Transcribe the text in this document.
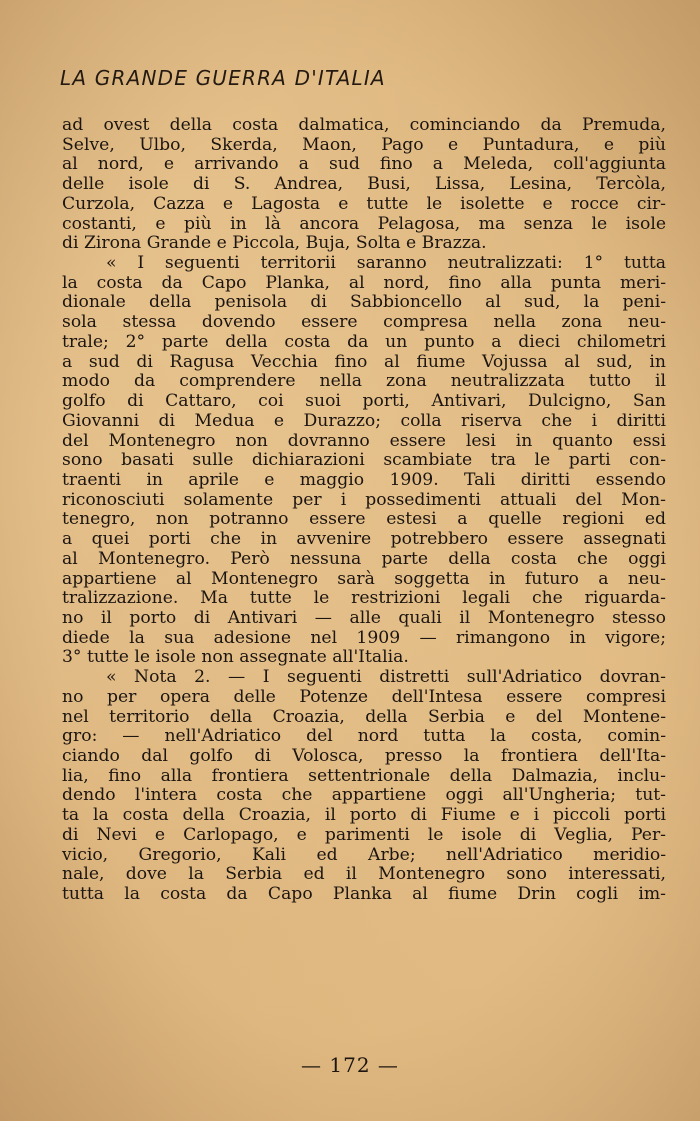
LA GRANDE GUERRA D'ITALIA
ad ovest della costa dalmatica, cominciando da Premuda,
Selve, Ulbo, Skerda, Maon, Pago e Puntadura, e più
al nord, e arrivando a sud fino a Meleda, coll'aggiunta
delle isole di S. Andrea, Busi, Lissa, Lesina, Tercòla,
Curzola, Cazza e Lagosta e tutte le isolette e rocce cir-
costanti, e più in là ancora Pelagosa, ma senza le isole
di Zirona Grande e Piccola, Buja, Solta e Brazza.
« I seguenti territorii saranno neutralizzati: 1° tutta
la costa da Capo Planka, al nord, fino alla punta meri-
dionale della penisola di Sabbioncello al sud, la peni-
sola stessa dovendo essere compresa nella zona neu-
trale; 2° parte della costa da un punto a dieci chilometri
a sud di Ragusa Vecchia fino al fiume Vojussa al sud, in
modo da comprendere nella zona neutralizzata tutto il
golfo di Cattaro, coi suoi porti, Antivari, Dulcigno, San
Giovanni di Medua e Durazzo; colla riserva che i diritti
del Montenegro non dovranno essere lesi in quanto essi
sono basati sulle dichiarazioni scambiate tra le parti con-
traenti in aprile e maggio 1909. Tali diritti essendo
riconosciuti solamente per i possedimenti attuali del Mon-
tenegro, non potranno essere estesi a quelle regioni ed
a quei porti che in avvenire potrebbero essere assegnati
al Montenegro. Però nessuna parte della costa che oggi
appartiene al Montenegro sarà soggetta in futuro a neu-
tralizzazione. Ma tutte le restrizioni legali che riguarda-
no il porto di Antivari — alle quali il Montenegro stesso
diede la sua adesione nel 1909 — rimangono in vigore;
3° tutte le isole non assegnate all'Italia.
« Nota 2. — I seguenti distretti sull'Adriatico dovran-
no per opera delle Potenze dell'Intesa essere compresi
nel territorio della Croazia, della Serbia e del Montene-
gro: — nell'Adriatico del nord tutta la costa, comin-
ciando dal golfo di Volosca, presso la frontiera dell'Ita-
lia, fino alla frontiera settentrionale della Dalmazia, inclu-
dendo l'intera costa che appartiene oggi all'Ungheria; tut-
ta la costa della Croazia, il porto di Fiume e i piccoli porti
di Nevi e Carlopago, e parimenti le isole di Veglia, Per-
vicio, Gregorio, Kali ed Arbe; nell'Adriatico meridio-
nale, dove la Serbia ed il Montenegro sono interessati,
tutta la costa da Capo Planka al fiume Drin cogli im-
— 172 —
